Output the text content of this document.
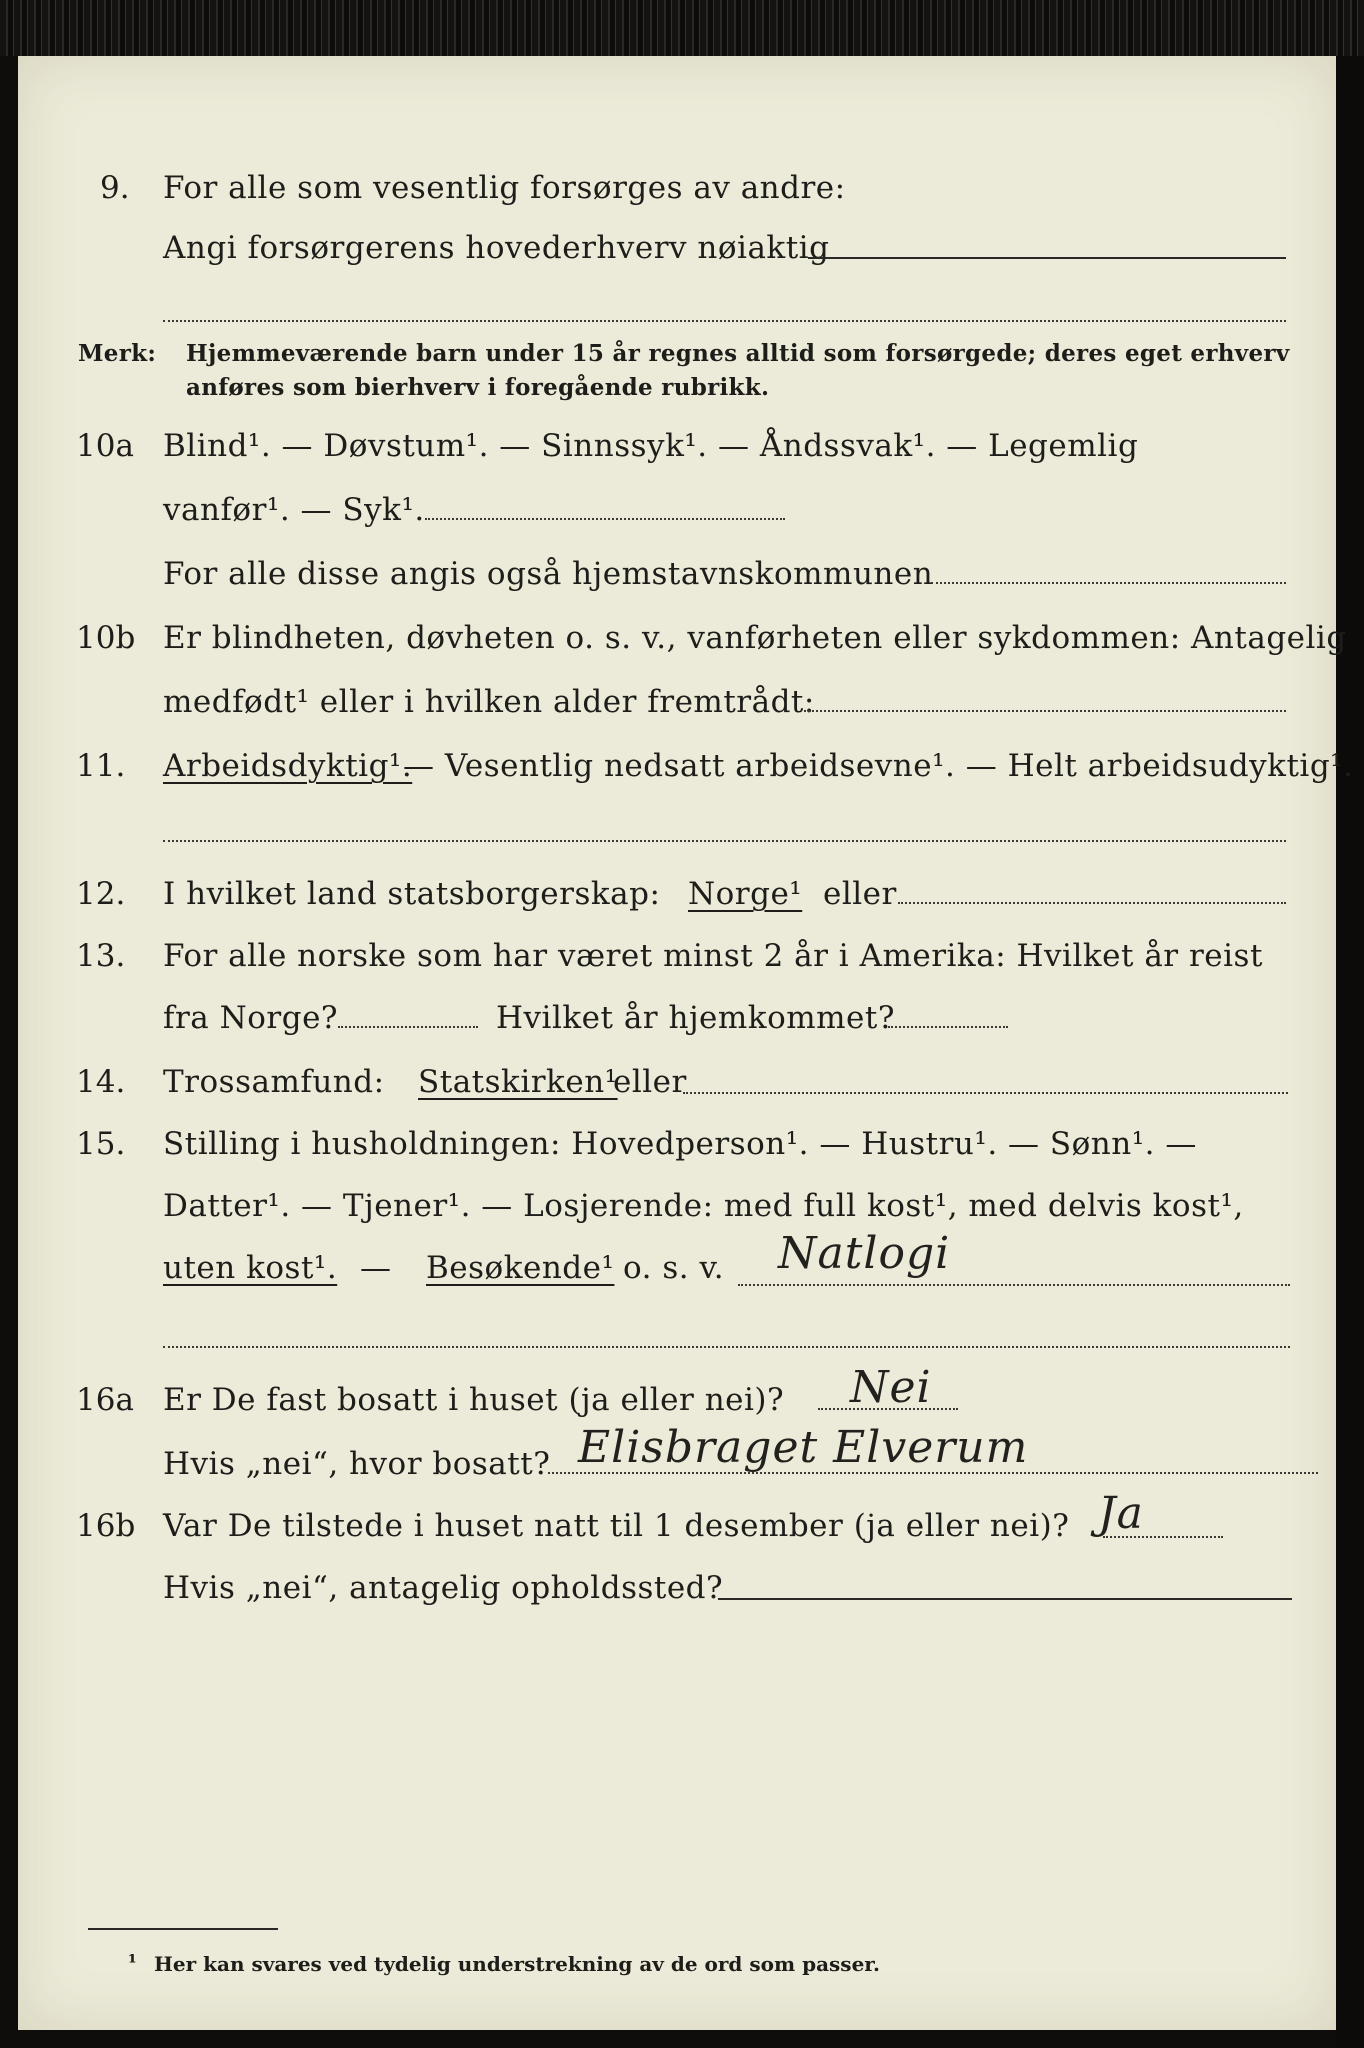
9. For alle som vesentlig forsørges av andre:
Angi forsørgerens hovederhverv nøiaktig
Merk: Hjemmeværende barn under 15 år regnes alltid som forsørgede; deres eget erhverv
anføres som bierhverv i foregående rubrikk.
10a Blind¹. — Døvstum¹. — Sinnssyk¹. — Åndssvak¹. — Legemlig
vanfør¹. — Syk¹.
For alle disse angis også hjemstavnskommunen
10b Er blindheten, døvheten o. s. v., vanførheten eller sykdommen: Antagelig
medfødt¹ eller i hvilken alder fremtrådt:
11. Arbeidsdyktig¹.
— Vesentlig nedsatt arbeidsevne¹. — Helt arbeidsudyktig¹.
12. I hvilket land statsborgerskap: Norge¹ eller
13. For alle norske som har været minst 2 år i Amerika: Hvilket år reist
fra Norge?	Hvilket år hjemkommet?
14. Trossamfund: Statskirken¹
eller
15. Stilling i husholdningen: Hovedperson¹. — Hustru¹. — Sønn¹. —
Datter¹. — Tjener¹. — Losjerende: med full kost¹, med delvis kost¹,
uten kost¹. — Besøkende¹ o. s. v. Natlogi
16a Er De fast bosatt i huset (ja eller nei)? Nei
Hvis „nei“, hvor bosatt? Elisbraget Elverum
16b Var De tilstede i huset natt til 1 desember (ja eller nei)? Ja
Hvis „nei“, antagelig opholdssted?
¹ Her kan svares ved tydelig understrekning av de ord som passer.
